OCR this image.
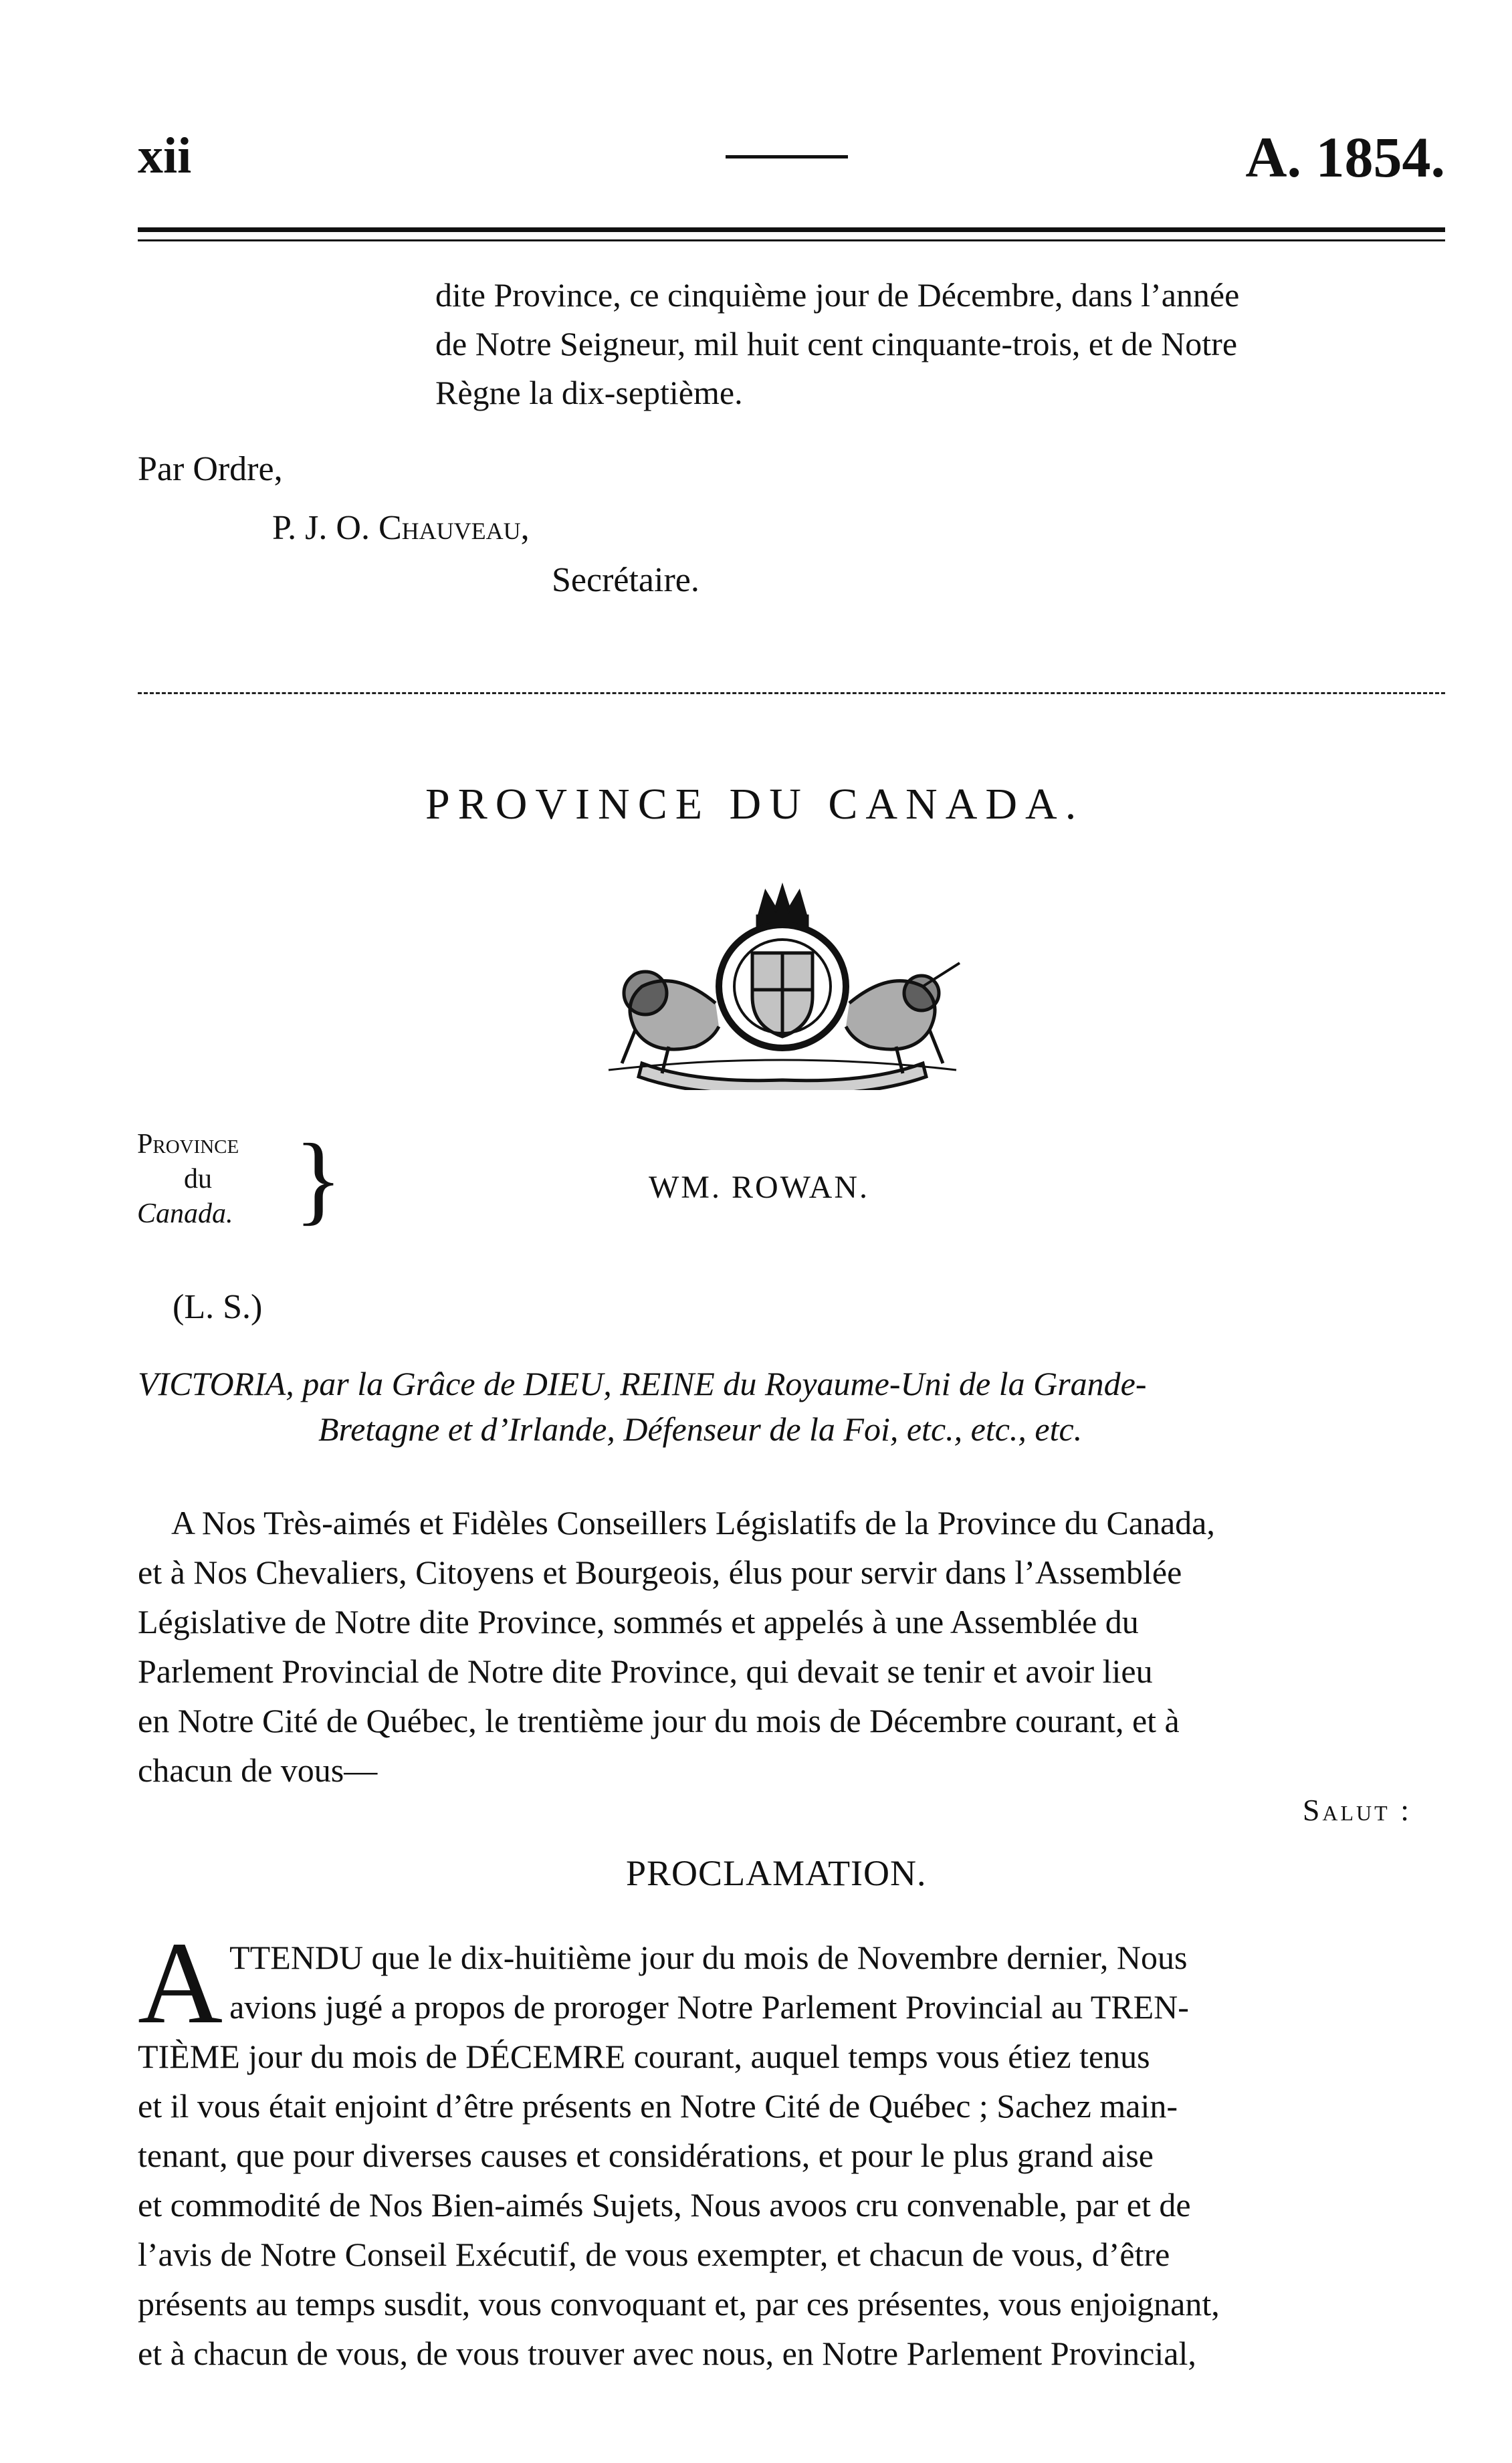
xii	A. 1854.
dite Province, ce cinquième jour de Décembre, dans l’année
de Notre Seigneur, mil huit cent cinquante-trois, et de Notre
Règne la dix-septième.
Par Ordre,
P. J. O. Chauveau,
Secrétaire.
PROVINCE DU CANADA.
Province
du
Canada. }	WM. ROWAN.
(L. S.)
VICTORIA, par la Grâce de DIEU, REINE du Royaume-Uni de la Grande-
Bretagne et d’Irlande, Défenseur de la Foi, etc., etc., etc.
A Nos Très-aimés et Fidèles Conseillers Législatifs de la Province du Canada,
et à Nos Chevaliers, Citoyens et Bourgeois, élus pour servir dans l’Assemblée
Législative de Notre dite Province, sommés et appelés à une Assemblée du
Parlement Provincial de Notre dite Province, qui devait se tenir et avoir lieu
en Notre Cité de Québec, le trentième jour du mois de Décembre courant, et à
chacun de vous—
Salut :
PROCLAMATION.
A TTENDU que le dix-huitième jour du mois de Novembre dernier, Nous
avions jugé a propos de proroger Notre Parlement Provincial au TREN-
TIÈME jour du mois de DÉCEMRE courant, auquel temps vous étiez tenus
et il vous était enjoint d’être présents en Notre Cité de Québec ; Sachez main-
tenant, que pour diverses causes et considérations, et pour le plus grand aise
et commodité de Nos Bien-aimés Sujets, Nous avoos cru convenable, par et de
l’avis de Notre Conseil Exécutif, de vous exempter, et chacun de vous, d’être
présents au temps susdit, vous convoquant et, par ces présentes, vous enjoignant,
et à chacun de vous, de vous trouver avec nous, en Notre Parlement Provincial,
